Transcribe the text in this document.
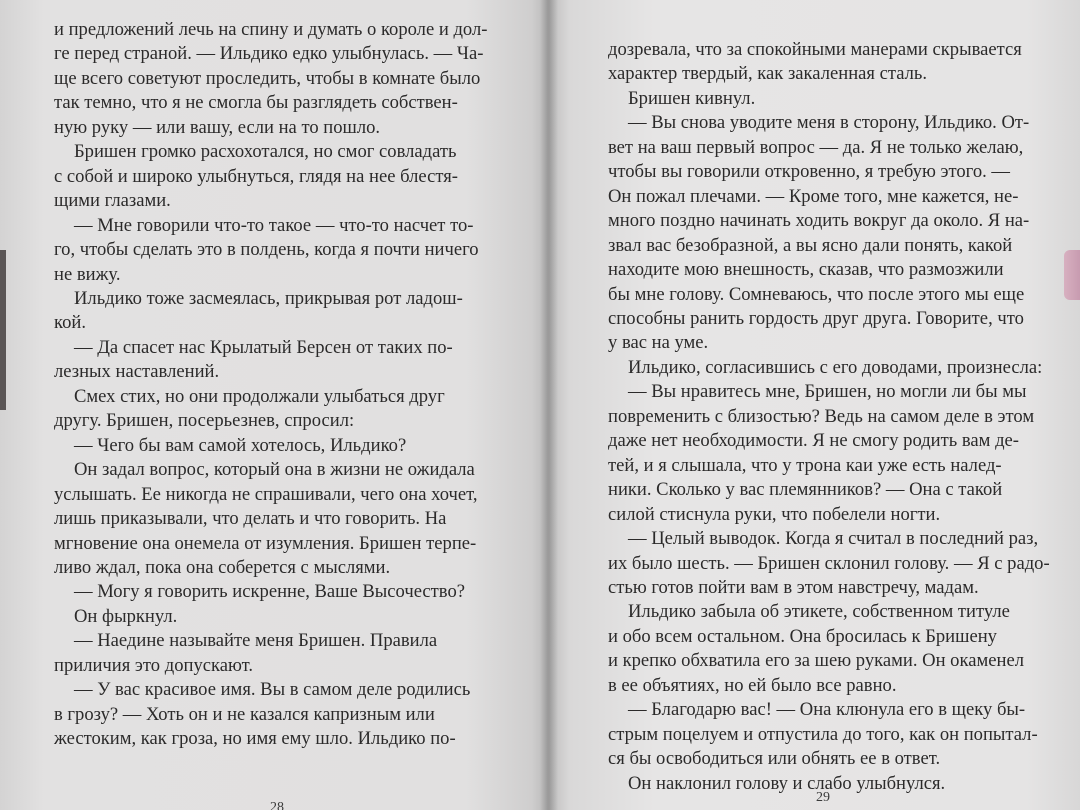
и предложений лечь на спину и думать о короле и дол-
ге перед страной. — Ильдико едко улыбнулась. — Ча-
ще всего советуют проследить, чтобы в комнате было
так темно, что я не смогла бы разглядеть собствен-
ную руку — или вашу, если на то пошло.
Бришен громко расхохотался, но смог совладать
с собой и широко улыбнуться, глядя на нее блестя-
щими глазами.
— Мне говорили что-то такое — что-то насчет то-
го, чтобы сделать это в полдень, когда я почти ничего
не вижу.
Ильдико тоже засмеялась, прикрывая рот ладош-
кой.
— Да спасет нас Крылатый Берсен от таких по-
лезных наставлений.
Смех стих, но они продолжали улыбаться друг
другу. Бришен, посерьезнев, спросил:
— Чего бы вам самой хотелось, Ильдико?
Он задал вопрос, который она в жизни не ожидала
услышать. Ее никогда не спрашивали, чего она хочет,
лишь приказывали, что делать и что говорить. На
мгновение она онемела от изумления. Бришен терпе-
ливо ждал, пока она соберется с мыслями.
— Могу я говорить искренне, Ваше Высочество?
Он фыркнул.
— Наедине называйте меня Бришен. Правила
приличия это допускают.
— У вас красивое имя. Вы в самом деле родились
в грозу? — Хоть он и не казался капризным или
жестоким, как гроза, но имя ему шло. Ильдико по-
28
дозревала, что за спокойными манерами скрывается
характер твердый, как закаленная сталь.
Бришен кивнул.
— Вы снова уводите меня в сторону, Ильдико. От-
вет на ваш первый вопрос — да. Я не только желаю,
чтобы вы говорили откровенно, я требую этого. —
Он пожал плечами. — Кроме того, мне кажется, не-
много поздно начинать ходить вокруг да около. Я на-
звал вас безобразной, а вы ясно дали понять, какой
находите мою внешность, сказав, что размозжили
бы мне голову. Сомневаюсь, что после этого мы еще
способны ранить гордость друг друга. Говорите, что
у вас на уме.
Ильдико, согласившись с его доводами, произнесла:
— Вы нравитесь мне, Бришен, но могли ли бы мы
повременить с близостью? Ведь на самом деле в этом
даже нет необходимости. Я не смогу родить вам де-
тей, и я слышала, что у трона каи уже есть налед-
ники. Сколько у вас племянников? — Она с такой
силой стиснула руки, что побелели ногти.
— Целый выводок. Когда я считал в последний раз,
их было шесть. — Бришен склонил голову. — Я с радо-
стью готов пойти вам в этом навстречу, мадам.
Ильдико забыла об этикете, собственном титуле
и обо всем остальном. Она бросилась к Бришену
и крепко обхватила его за шею руками. Он окаменел
в ее объятиях, но ей было все равно.
— Благодарю вас! — Она клюнула его в щеку бы-
стрым поцелуем и отпустила до того, как он попытал-
ся бы освободиться или обнять ее в ответ.
Он наклонил голову и слабо улыбнулся.
29
